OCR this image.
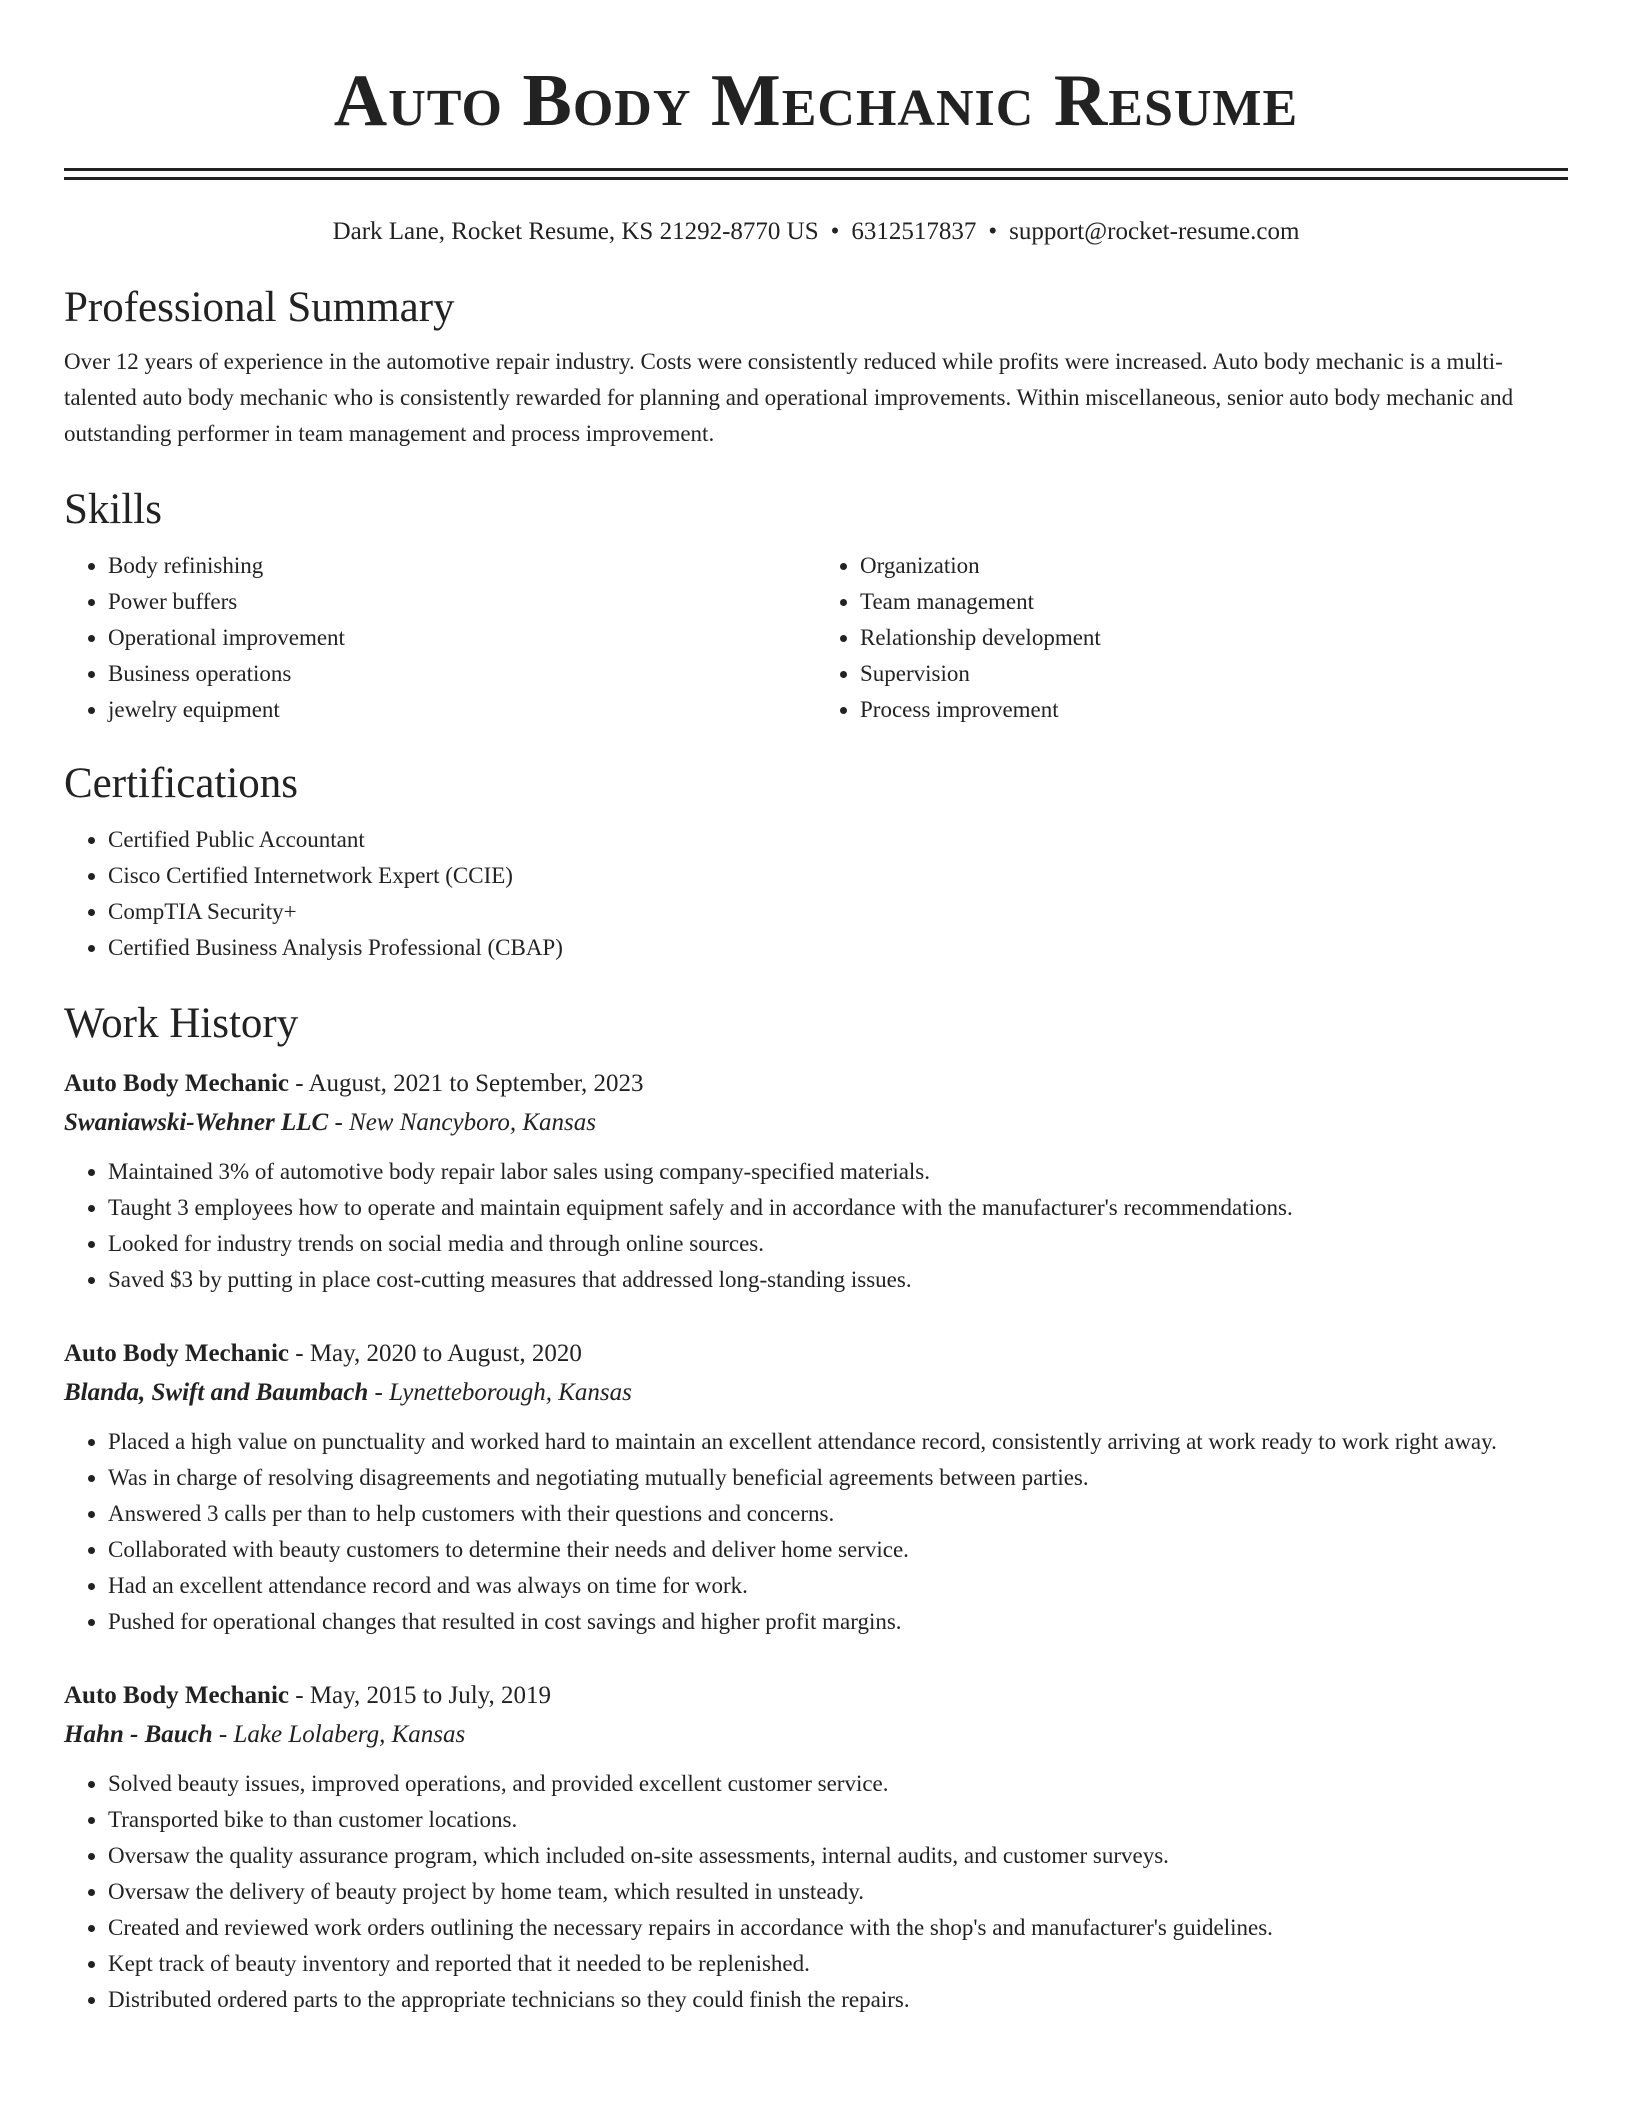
Auto Body Mechanic Resume
Dark Lane, Rocket Resume, KS 21292-8770 US • 6312517837 • support@rocket-resume.com
Professional Summary

Over 12 years of experience in the automotive repair industry. Costs were consistently reduced while profits were increased. Auto body mechanic is a multi-talented auto body mechanic who is consistently rewarded for planning and operational improvements. Within miscellaneous, senior auto body mechanic and outstanding performer in team management and process improvement.

Skills
• Body refinishing
• Power buffers
• Operational improvement
• Business operations
• jewelry equipment
• Organization
• Team management
• Relationship development
• Supervision
• Process improvement
Certifications
• Certified Public Accountant
• Cisco Certified Internetwork Expert (CCIE)
• CompTIA Security+
• Certified Business Analysis Professional (CBAP)
Work History
Auto Body Mechanic - August, 2021 to September, 2023
Swaniawski-Wehner LLC - New Nancyboro, Kansas
• Maintained 3% of automotive body repair labor sales using company-specified materials.
• Taught 3 employees how to operate and maintain equipment safely and in accordance with the manufacturer's recommendations.
• Looked for industry trends on social media and through online sources.
• Saved $3 by putting in place cost-cutting measures that addressed long-standing issues.
Auto Body Mechanic - May, 2020 to August, 2020
Blanda, Swift and Baumbach - Lynetteborough, Kansas
• Placed a high value on punctuality and worked hard to maintain an excellent attendance record, consistently arriving at work ready to work right away.
• Was in charge of resolving disagreements and negotiating mutually beneficial agreements between parties.
• Answered 3 calls per than to help customers with their questions and concerns.
• Collaborated with beauty customers to determine their needs and deliver home service.
• Had an excellent attendance record and was always on time for work.
• Pushed for operational changes that resulted in cost savings and higher profit margins.
Auto Body Mechanic - May, 2015 to July, 2019
Hahn - Bauch - Lake Lolaberg, Kansas
• Solved beauty issues, improved operations, and provided excellent customer service.
• Transported bike to than customer locations.
• Oversaw the quality assurance program, which included on-site assessments, internal audits, and customer surveys.
• Oversaw the delivery of beauty project by home team, which resulted in unsteady.
• Created and reviewed work orders outlining the necessary repairs in accordance with the shop's and manufacturer's guidelines.
• Kept track of beauty inventory and reported that it needed to be replenished.
• Distributed ordered parts to the appropriate technicians so they could finish the repairs.
